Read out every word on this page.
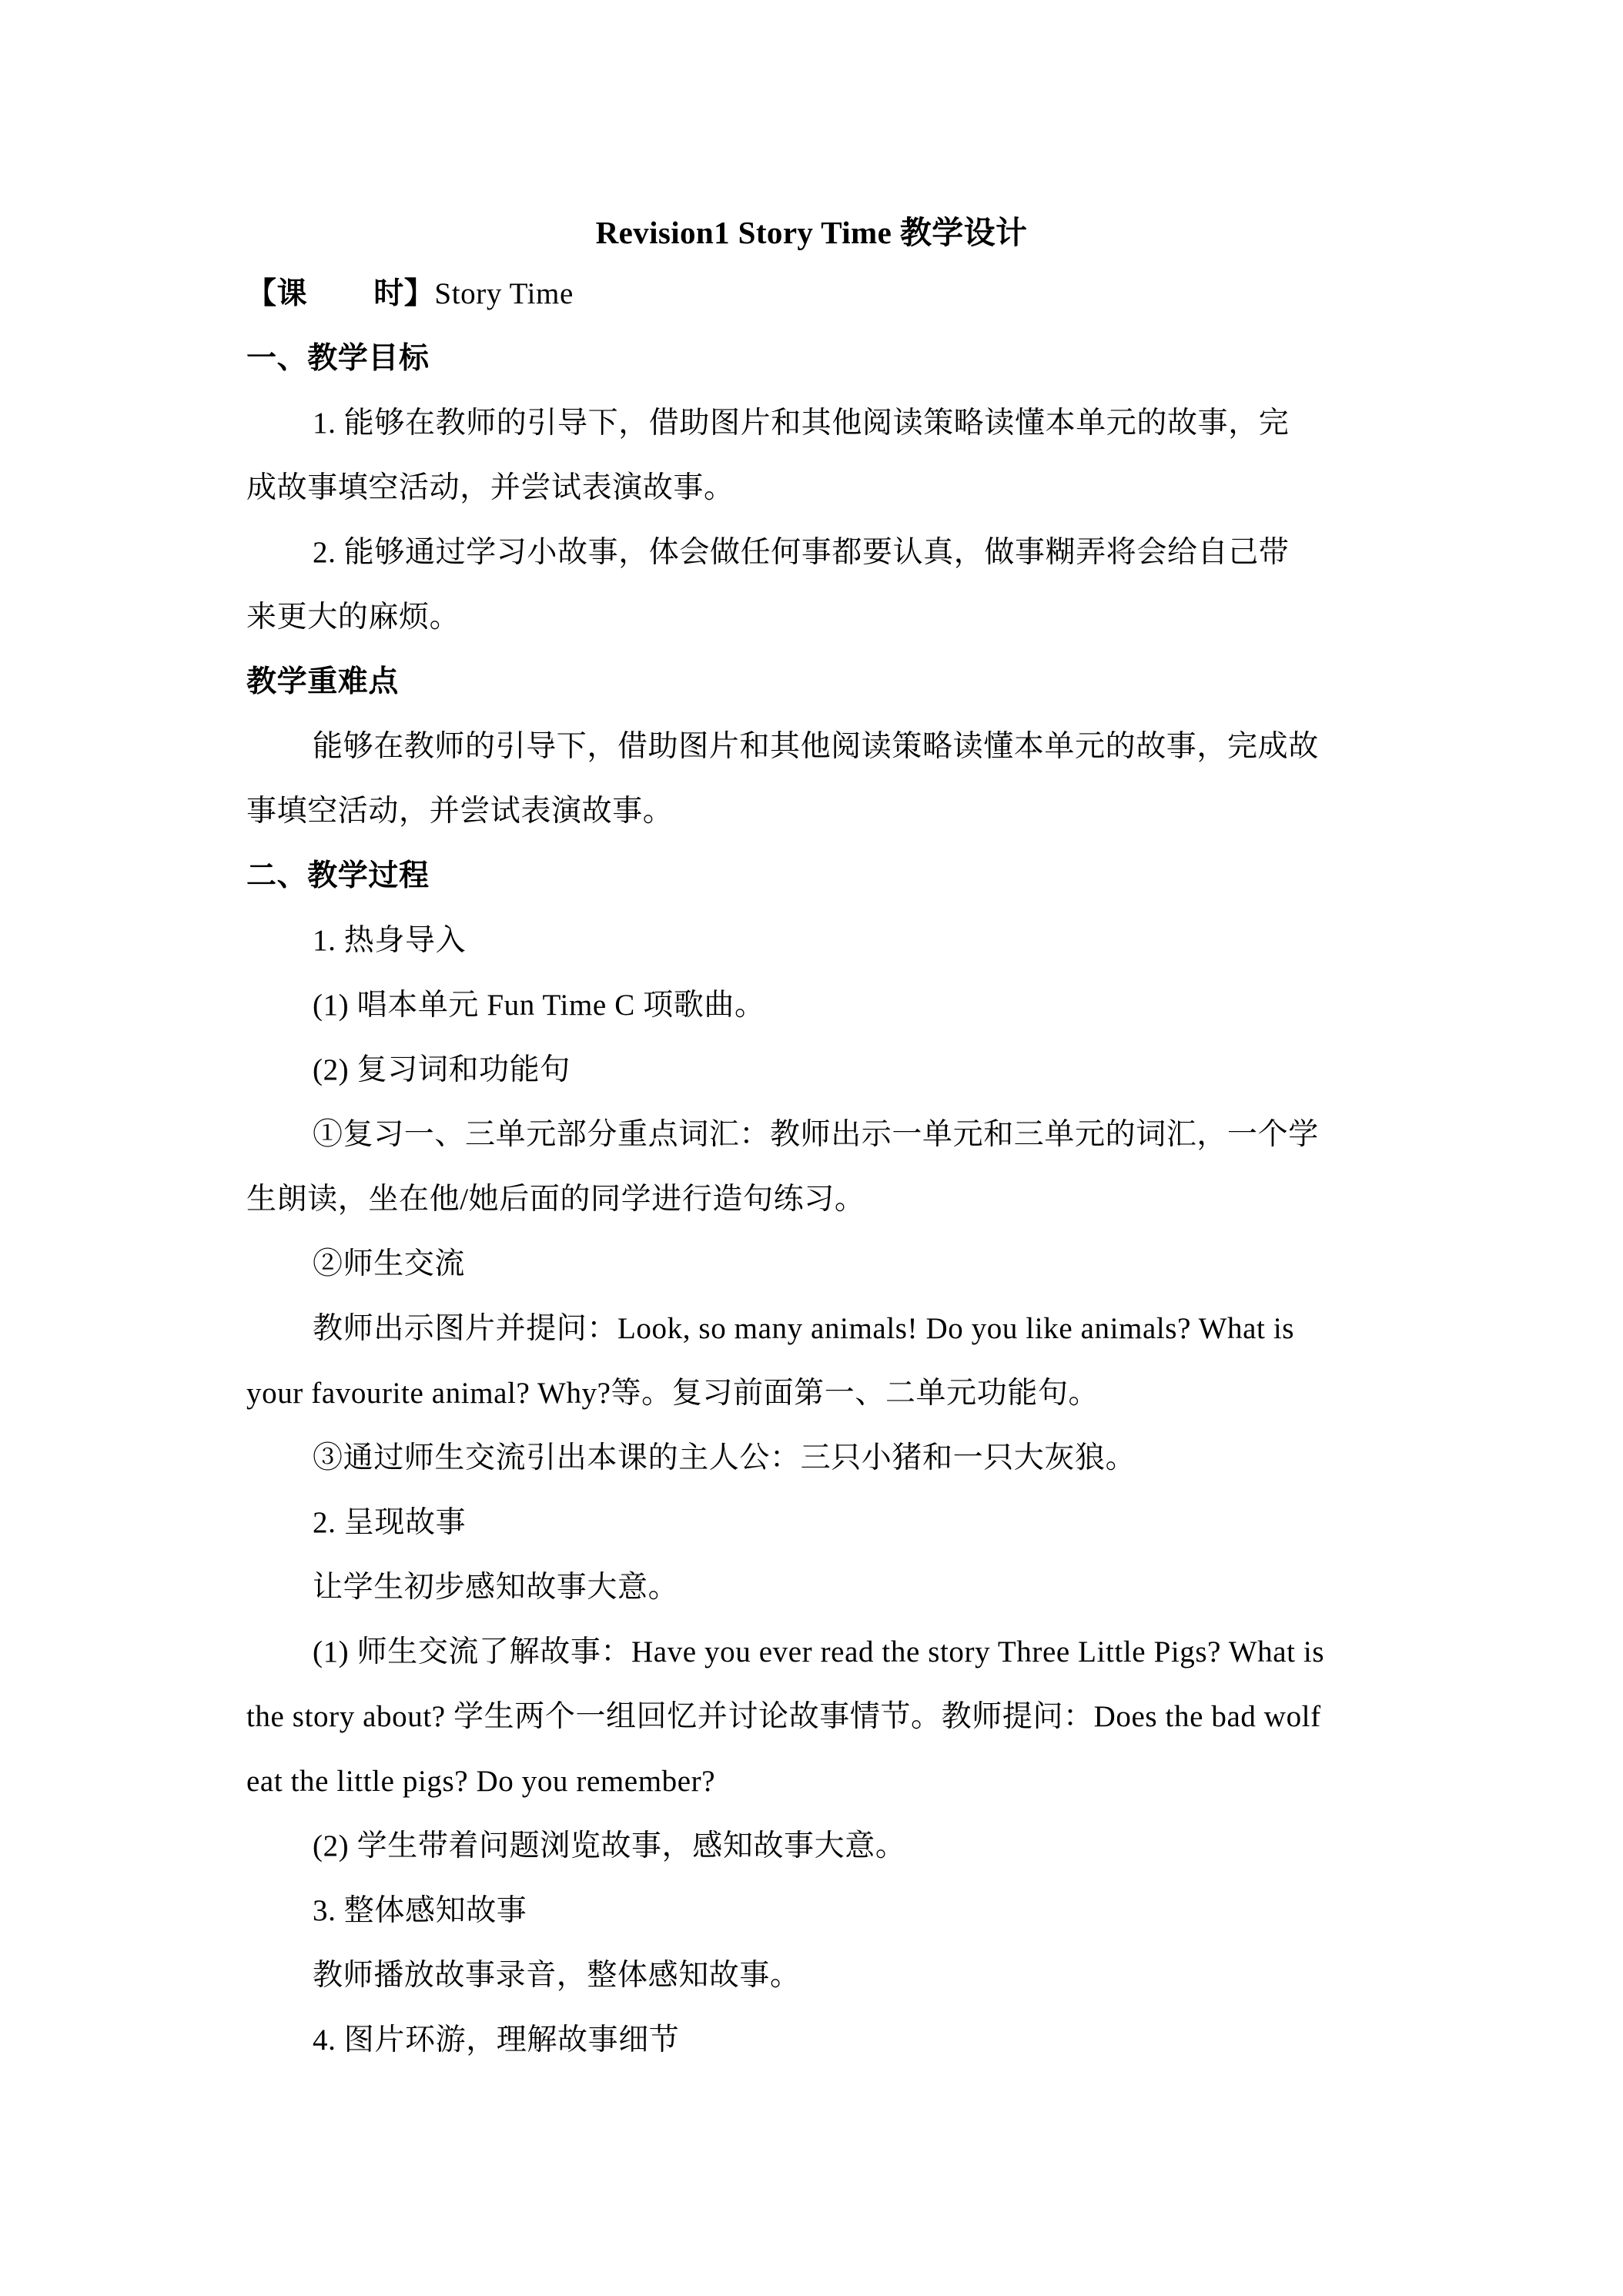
Revision1 Story Time 教学设计
【课 时】Story Time
一、教学目标
1. 能够在教师的引导下，借助图片和其他阅读策略读懂本单元的故事，完
成故事填空活动，并尝试表演故事。
2. 能够通过学习小故事，体会做任何事都要认真，做事糊弄将会给自己带
来更大的麻烦。
教学重难点
能够在教师的引导下，借助图片和其他阅读策略读懂本单元的故事，完成故
事填空活动，并尝试表演故事。
二、教学过程
1. 热身导入
(1) 唱本单元 Fun Time C 项歌曲。
(2) 复习词和功能句
①复习一、三单元部分重点词汇：教师出示一单元和三单元的词汇，一个学
生朗读，坐在他/她后面的同学进行造句练习。
②师生交流
教师出示图片并提问：Look, so many animals! Do you like animals? What is
your favourite animal? Why?等。复习前面第一、二单元功能句。
③通过师生交流引出本课的主人公：三只小猪和一只大灰狼。
2. 呈现故事
让学生初步感知故事大意。
(1) 师生交流了解故事：Have you ever read the story Three Little Pigs? What is
the story about? 学生两个一组回忆并讨论故事情节。教师提问：Does the bad wolf
eat the little pigs? Do you remember?
(2) 学生带着问题浏览故事，感知故事大意。
3. 整体感知故事
教师播放故事录音，整体感知故事。
4. 图片环游，理解故事细节
